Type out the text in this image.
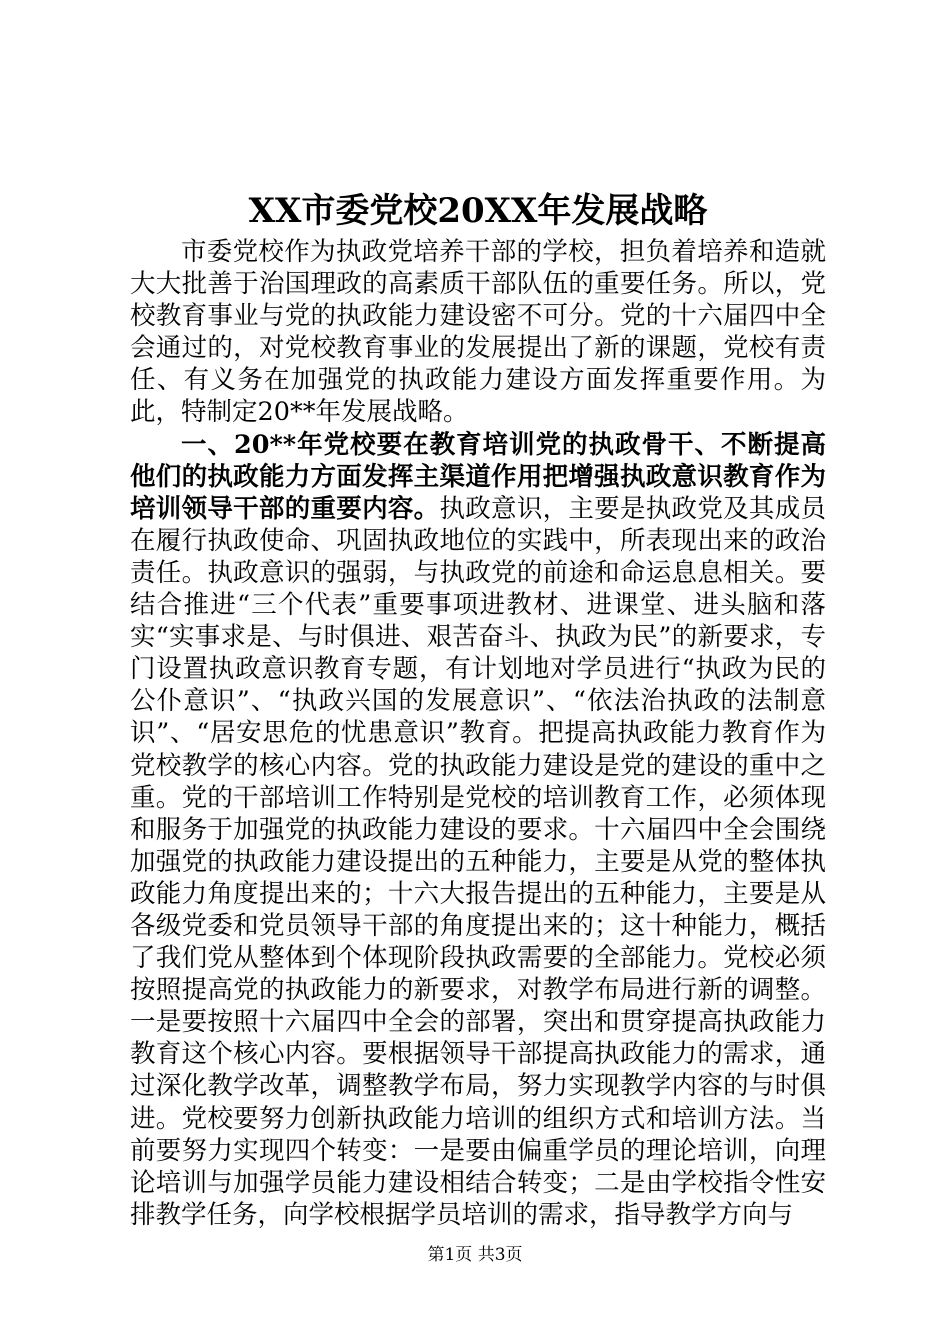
XX市委党校20XX年发展战略

市委党校作为执政党培养干部的学校，担负着培养和造就大大批善于治国理政的高素质干部队伍的重要任务。所以，党校教育事业与党的执政能力建设密不可分。党的十六届四中全会通过的，对党校教育事业的发展提出了新的课题，党校有责任、有义务在加强党的执政能力建设方面发挥重要作用。为此，特制定20**年发展战略。

一、20**年党校要在教育培训党的执政骨干、不断提高他们的执政能力方面发挥主渠道作用把增强执政意识教育作为培训领导干部的重要内容。执政意识，主要是执政党及其成员在履行执政使命、巩固执政地位的实践中，所表现出来的政治责任。执政意识的强弱，与执政党的前途和命运息息相关。要结合推进“三个代表”重要事项进教材、进课堂、进头脑和落实“实事求是、与时俱进、艰苦奋斗、执政为民”的新要求，专门设置执政意识教育专题，有计划地对学员进行“执政为民的公仆意识”、“执政兴国的发展意识”、“依法治执政的法制意识”、“居安思危的忧患意识”教育。把提高执政能力教育作为党校教学的核心内容。党的执政能力建设是党的建设的重中之重。党的干部培训工作特别是党校的培训教育工作，必须体现和服务于加强党的执政能力建设的要求。十六届四中全会围绕加强党的执政能力建设提出的五种能力，主要是从党的整体执政能力角度提出来的；十六大报告提出的五种能力，主要是从各级党委和党员领导干部的角度提出来的；这十种能力，概括了我们党从整体到个体现阶段执政需要的全部能力。党校必须按照提高党的执政能力的新要求，对教学布局进行新的调整。一是要按照十六届四中全会的部署，突出和贯穿提高执政能力教育这个核心内容。要根据领导干部提高执政能力的需求，通过深化教学改革，调整教学布局，努力实现教学内容的与时俱进。党校要努力创新执政能力培训的组织方式和培训方法。当前要努力实现四个转变：一是要由偏重学员的理论培训，向理论培训与加强学员能力建设相结合转变；二是由学校指令性安排教学任务，向学校根据学员培训的需求，指导教学方向与

第1页 共3页
